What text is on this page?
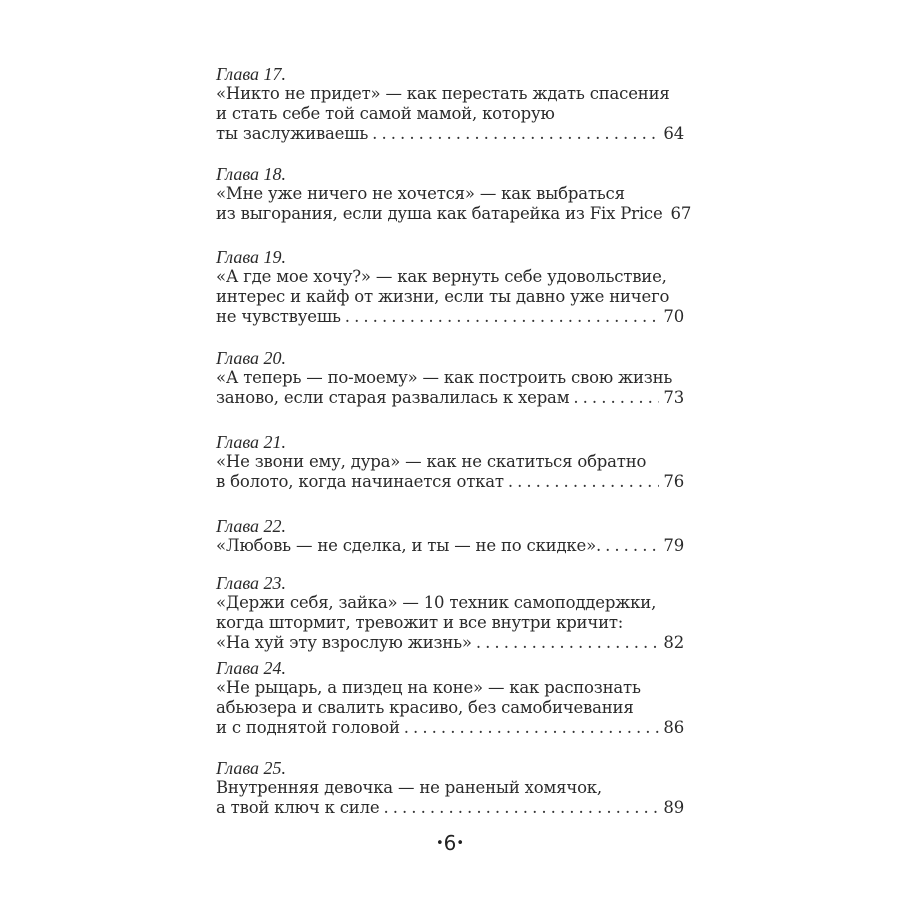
Глава 17.
«Никто не придет» — как перестать ждать спасения
и стать себе той самой мамой, которую
ты заслуживаешь . . .	64
Глава 18.
«Мне уже ничего не хочется» — как выбраться
из выгорания, если душа как батарейка из Fix Price 67
Глава 19.
«А где мое хочу?» — как вернуть себе удовольствие,
интерес и кайф от жизни, если ты давно уже ничего
не чувствуешь . . .	70
Глава 20.
«А теперь — по-моему» — как построить свою жизнь
заново, если старая развалилась к херам . . .	73
Глава 21.
«Не звони ему, дура» — как не скатиться обратно
в болото, когда начинается откат . . .	76
Глава 22.
«Любовь — не сделка, и ты — не по скидке». . . .	79
Глава 23.
«Держи себя, зайка» — 10 техник самоподдержки,
когда штормит, тревожит и все внутри кричит:
«На хуй эту взрослую жизнь» . . .	82
Глава 24.
«Не рыцарь, а пиздец на коне» — как распознать
абьюзера и свалить красиво, без самобичевания
и с поднятой головой . . .	86
Глава 25.
Внутренняя девочка — не раненый хомячок,
а твой ключ к силе . . .	89
•6•
